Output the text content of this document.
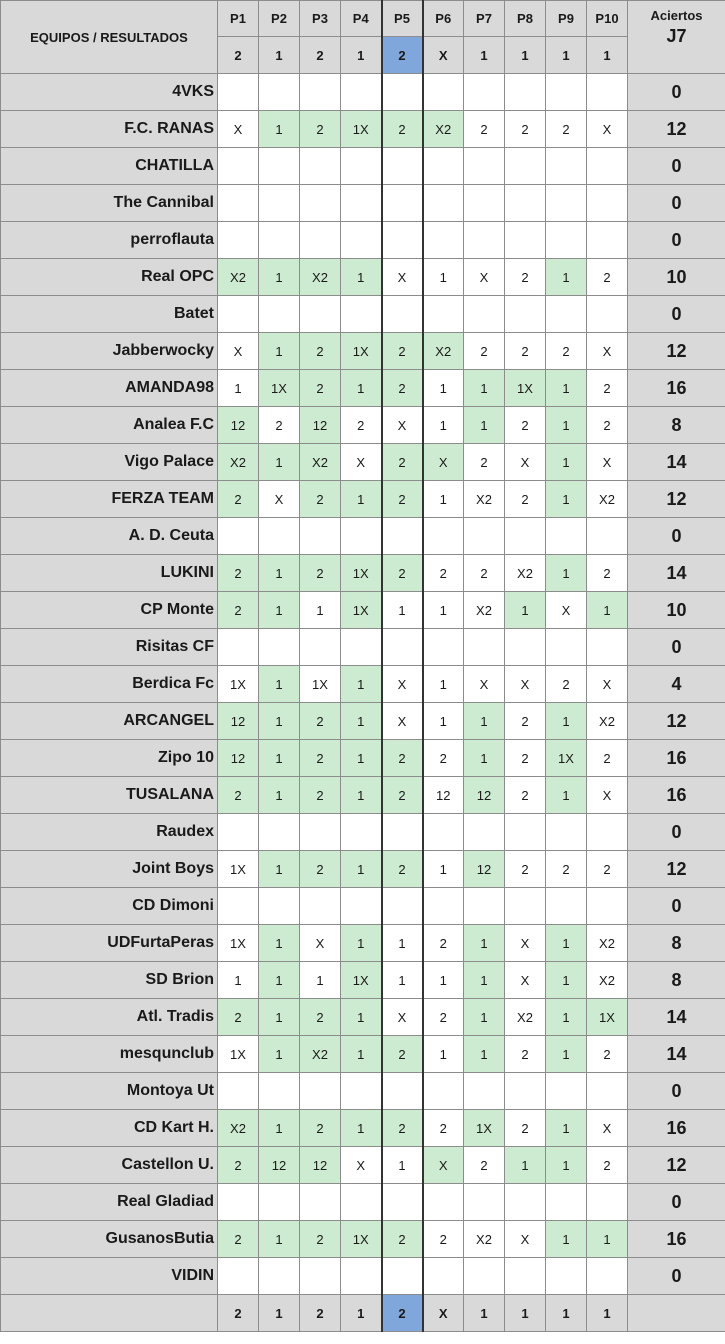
EQUIPOS / RESULTADOS	P1	P2	P3	P4	P5	P6	P7	P8	P9	P10	Aciertos
J7

	2	1	2	1	2	X	1	1	1	1	
4VKS											0
F.C. RANAS	X	1	2	1X	2	X2	2	2	2	X	12
CHATILLA											0
The Cannibal											0
perroflauta											0
Real OPC	X2	1	X2	1	X	1	X	2	1	2	10
Batet											0
Jabberwocky	X	1	2	1X	2	X2	2	2	2	X	12
AMANDA98	1	1X	2	1	2	1	1	1X	1	2	16
Analea F.C	12	2	12	2	X	1	1	2	1	2	8
Vigo Palace	X2	1	X2	X	2	X	2	X	1	X	14
FERZA TEAM	2	X	2	1	2	1	X2	2	1	X2	12
A. D. Ceuta											0
LUKINI	2	1	2	1X	2	2	2	X2	1	2	14
CP Monte	2	1	1	1X	1	1	X2	1	X	1	10
Risitas CF											0
Berdica Fc	1X	1	1X	1	X	1	X	X	2	X	4
ARCANGEL	12	1	2	1	X	1	1	2	1	X2	12
Zipo 10	12	1	2	1	2	2	1	2	1X	2	16
TUSALANA	2	1	2	1	2	12	12	2	1	X	16
Raudex											0
Joint Boys	1X	1	2	1	2	1	12	2	2	2	12
CD Dimoni											0
UDFurtaPeras	1X	1	X	1	1	2	1	X	1	X2	8
SD Brion	1	1	1	1X	1	1	1	X	1	X2	8
Atl. Tradis	2	1	2	1	X	2	1	X2	1	1X	14
mesqunclub	1X	1	X2	1	2	1	1	2	1	2	14
Montoya Ut											0
CD Kart H.	X2	1	2	1	2	2	1X	2	1	X	16
Castellon U.	2	12	12	X	1	X	2	1	1	2	12
Real Gladiad											0
GusanosButia	2	1	2	1X	2	2	X2	X	1	1	16
VIDIN											0
	2	1	2	1	2	X	1	1	1	1	
